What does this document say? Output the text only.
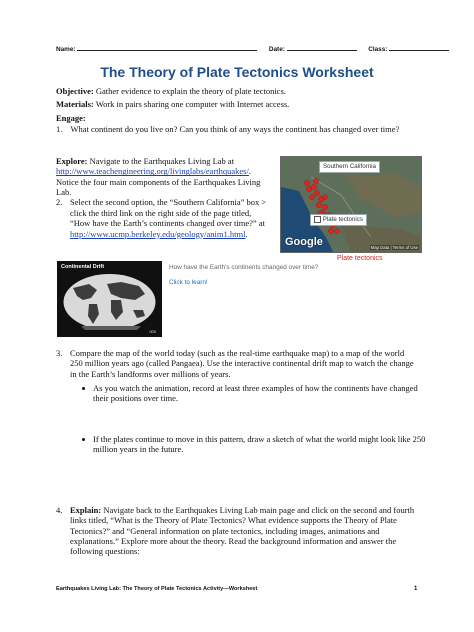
Name:	Date:	Class:
The Theory of Plate Tectonics Worksheet
Objective: Gather evidence to explain the theory of plate tectonics.
Materials: Work in pairs sharing one computer with Internet access.
Engage:
1. What continent do you live on? Can you think of any ways the continent has changed over time?
Explore: Navigate to the Earthquakes Living Lab at
http://www.teachengineering.org/livinglabs/earthquakes/.
Notice the four main components of the Earthquakes Living
Lab.
2. Select the second option, the “Southern California” box >
click the third link on the right side of the page titled,
“How have the Earth’s continents changed over time?” at
http://www.ucmp.berkeley.edu/geology/anim1.html.
Southern California
Plate tectonics
Google	Map Data | Terms of Use
Plate tectonics
Continental Drift
000
How have the Earth's continents changed over time?
Click to learn!
3. Compare the map of the world today (such as the real-time earthquake map) to a map of the world
250 million years ago (called Pangaea). Use the interactive continental drift map to watch the change
in the Earth’s landforms over millions of years.
As you watch the animation, record at least three examples of how the continents have changed
their positions over time.
If the plates continue to move in this pattern, draw a sketch of what the world might look like 250
million years in the future.
4. Explain: Navigate back to the Earthquakes Living Lab main page and click on the second and fourth
links titled, “What is the Theory of Plate Tectonics? What evidence supports the Theory of Plate
Tectonics?” and “General information on plate tectonics, including images, animations and
explanations.” Explore more about the theory. Read the background information and answer the
following questions:
Earthquakes Living Lab: The Theory of Plate Tectonics Activity—Worksheet	1
